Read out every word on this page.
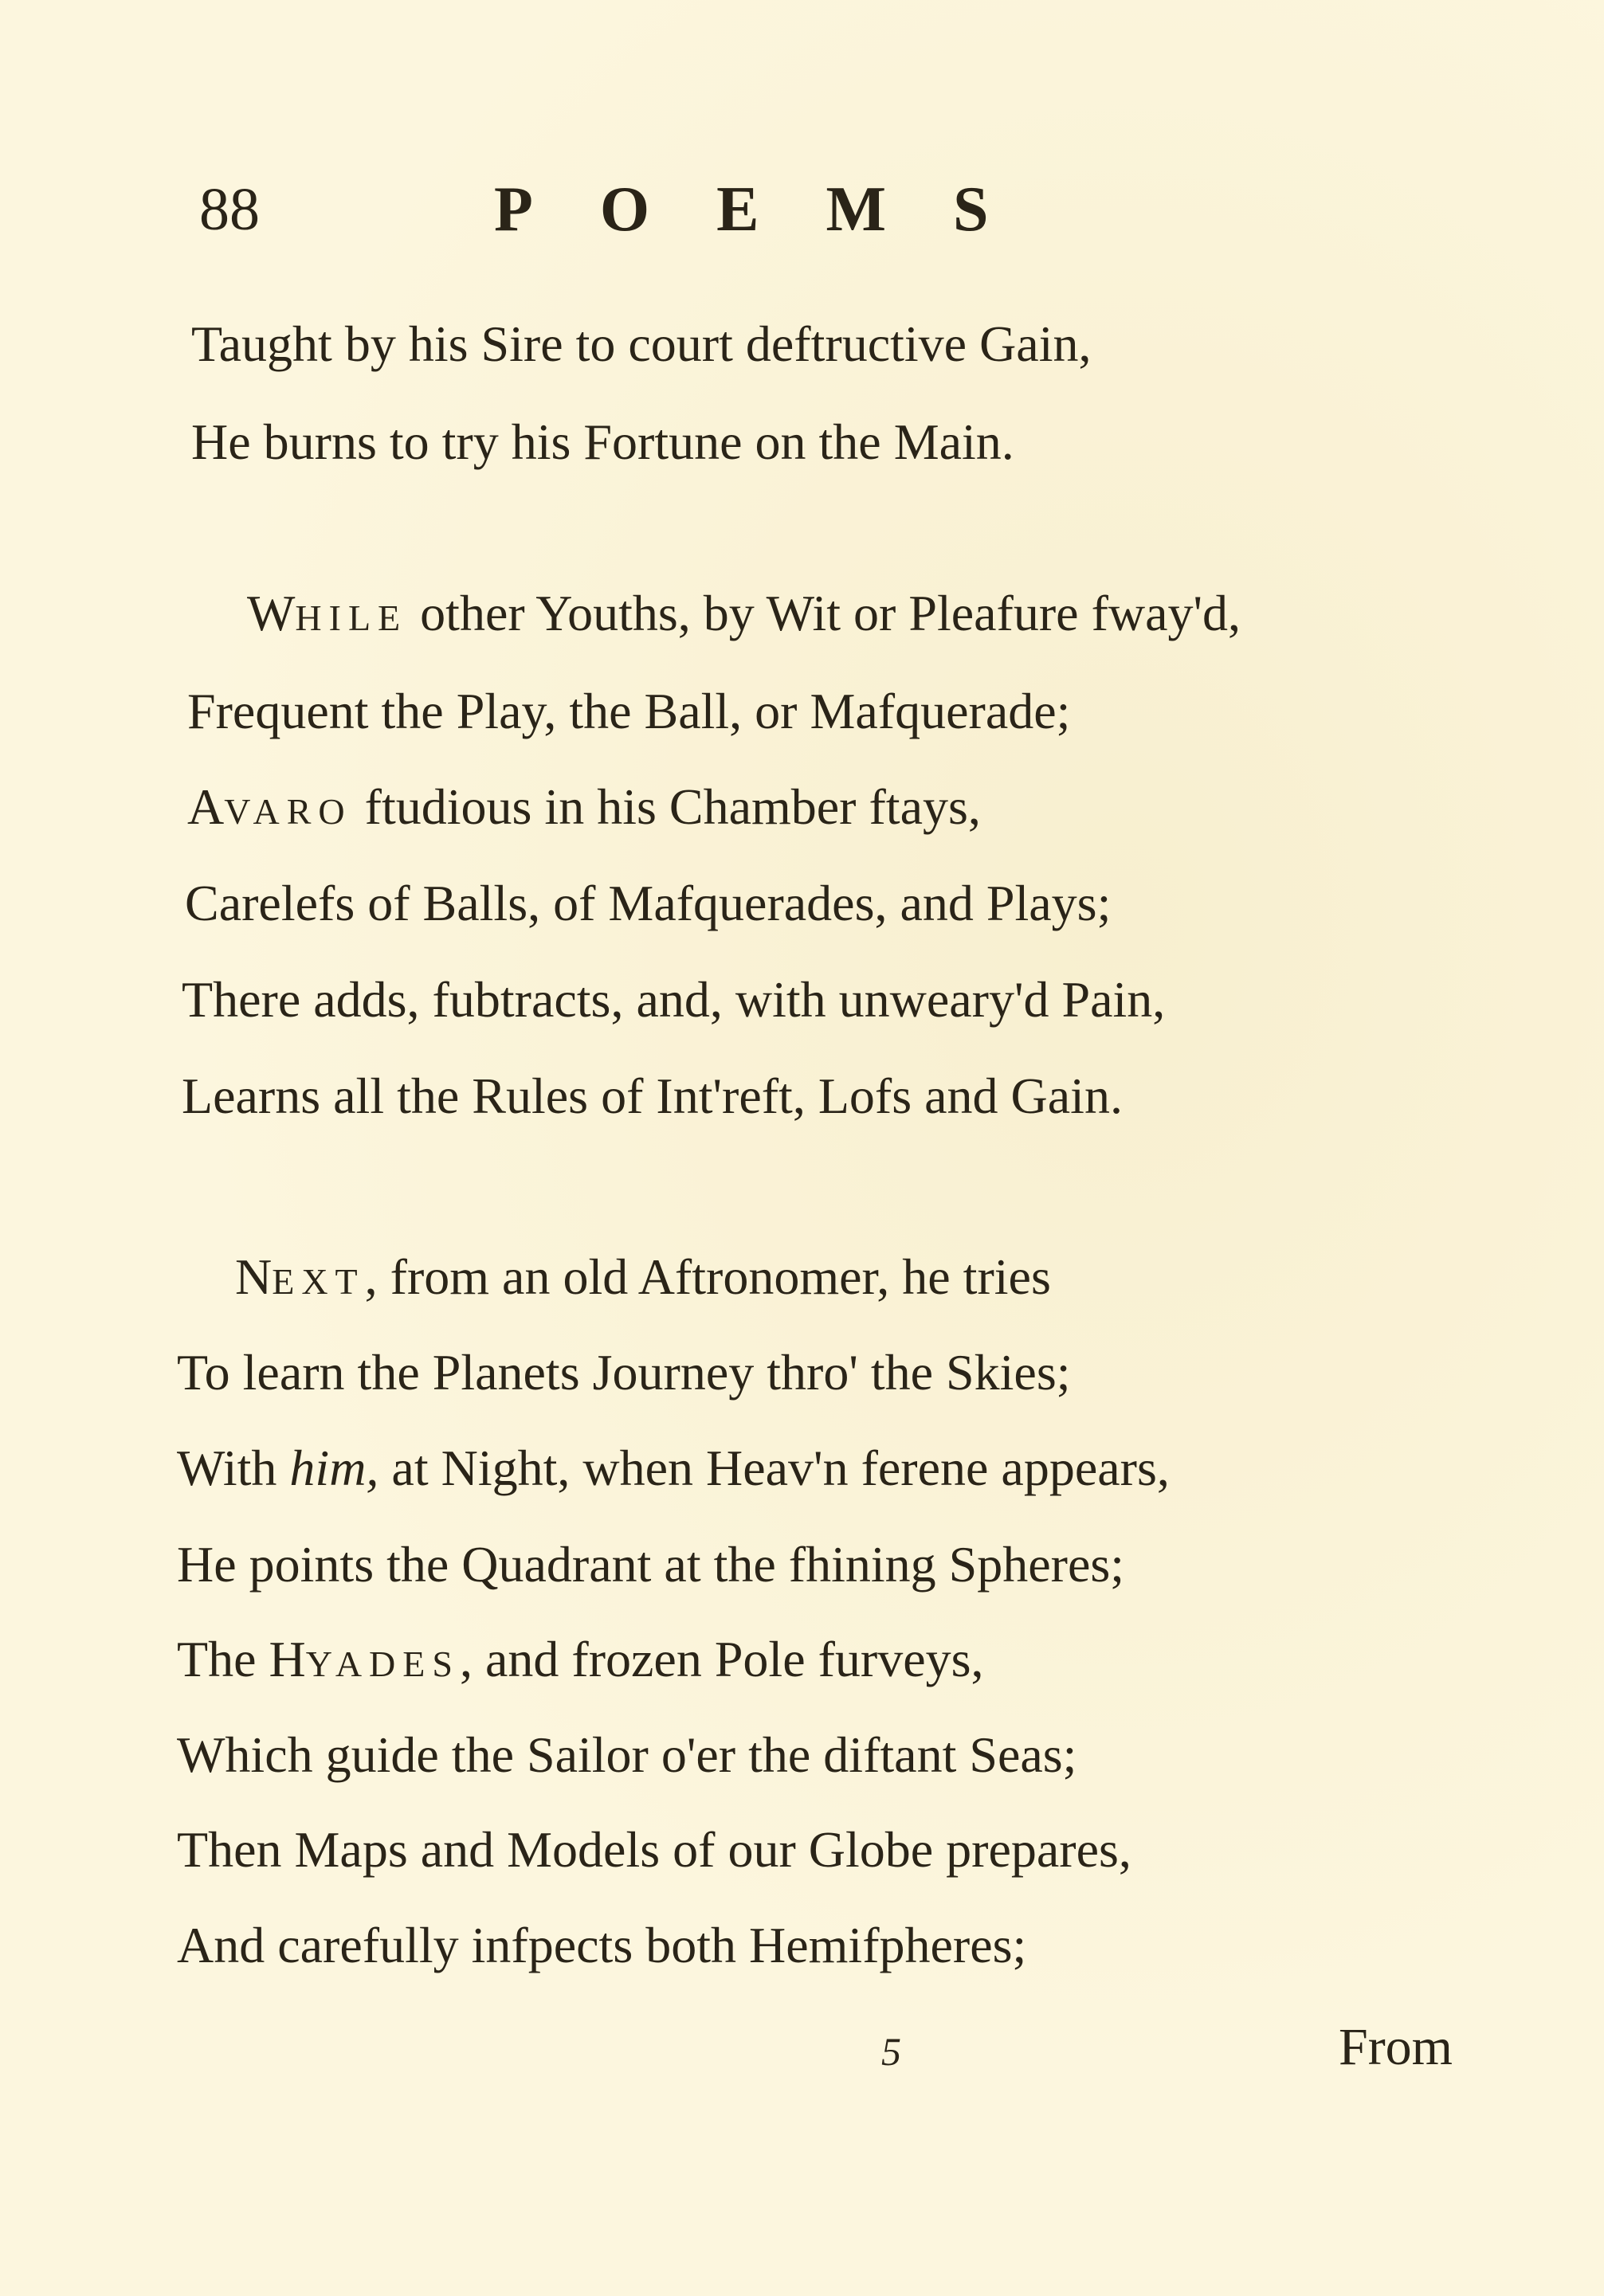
88	POEMS
Taught by his Sire to court deftructive Gain,
He burns to try his Fortune on the Main.
WHILE other Youths, by Wit or Pleafure fway'd,
Frequent the Play, the Ball, or Mafquerade;
AVARO ftudious in his Chamber ftays,
Carelefs of Balls, of Mafquerades, and Plays;
There adds, fubtracts, and, with unweary'd Pain,
Learns all the Rules of Int'reft, Lofs and Gain.
NEXT, from an old Aftronomer, he tries
To learn the Planets Journey thro' the Skies;
With him, at Night, when Heav'n ferene appears,
He points the Quadrant at the fhining Spheres;
The HYADES, and frozen Pole furveys,
Which guide the Sailor o'er the diftant Seas;
Then Maps and Models of our Globe prepares,
And carefully infpects both Hemifpheres;
5	From
